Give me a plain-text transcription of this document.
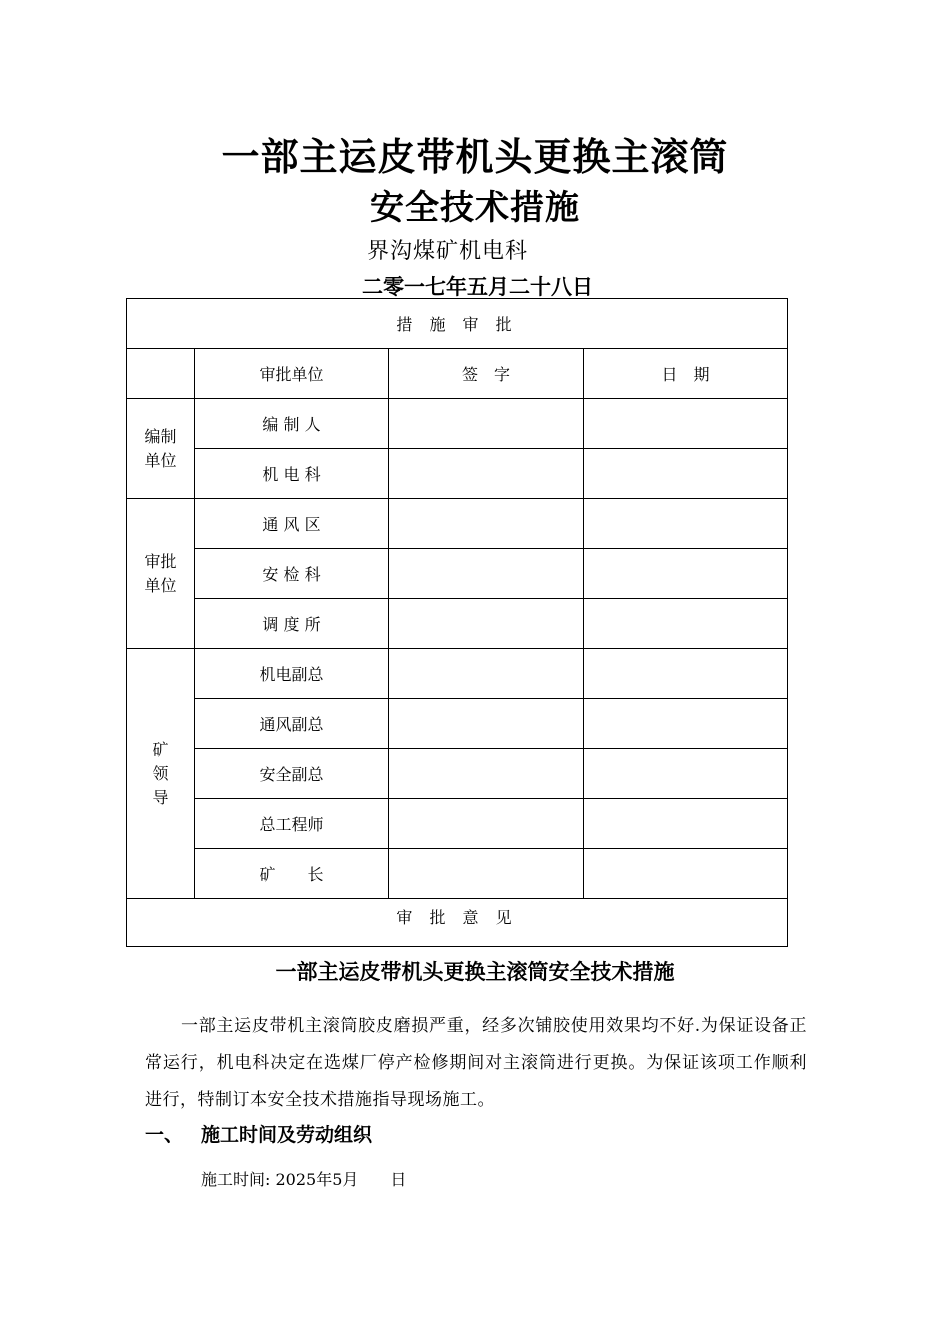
一部主运皮带机头更换主滚筒
安全技术措施
界沟煤矿机电科
二零一七年五月二十八日
措 施 审 批			
	审批单位	签　字	日　期
编制
单位	编 制 人		
	机 电 科		
审批
单位	通 风 区		
	安 检 科		
	调 度 所		
矿
领
导	机电副总		
	通风副总		
	安全副总		
	总工程师		
	矿　　长		
审 批 意 见			
一部主运皮带机头更换主滚筒安全技术措施
一部主运皮带机主滚筒胶皮磨损严重，经多次铺胶使用效果均不好.为保证设备正常运行，机电科决定在选煤厂停产检修期间对主滚筒进行更换。为保证该项工作顺利进行，特制订本安全技术措施指导现场施工。
一、 施工时间及劳动组织
施工时间: 2025年5月　　日
